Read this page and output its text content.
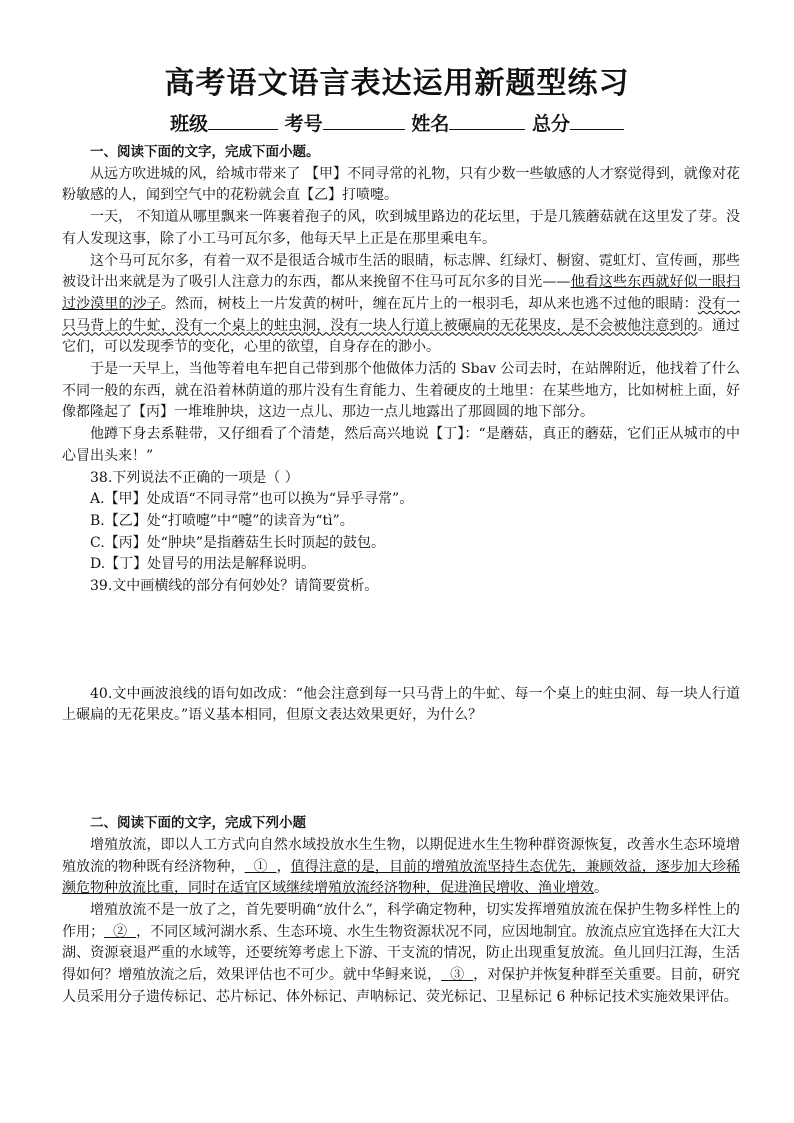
高考语文语言表达运用新题型练习
班级	考号	姓名	总分

一、阅读下面的文字，完成下面小题。

从远方吹进城的风，给城市带来了 【甲】不同寻常的礼物，只有少数一些敏感的人才察觉得到，就像对花粉敏感的人，闻到空气中的花粉就会直【乙】打喷嚏。

一天， 不知道从哪里飘来一阵裹着孢子的风，吹到城里路边的花坛里，于是几簇蘑菇就在这里发了芽。没有人发现这事，除了小工马可瓦尔多，他每天早上正是在那里乘电车。

这个马可瓦尔多，有着一双不是很适合城市生活的眼睛，标志牌、红绿灯、橱窗、霓虹灯、宣传画，那些被设计出来就是为了吸引人注意力的东西，都从来挽留不住马可瓦尔多的目光——他看这些东西就好似一眼扫过沙漠里的沙子。然而，树枝上一片发黄的树叶，缠在瓦片上的一根羽毛，却从来也逃不过他的眼睛：没有一只马背上的牛虻，没有一个桌上的蛀虫洞，没有一块人行道上被碾扁的无花果皮，是不会被他注意到的。通过它们，可以发现季节的变化，心里的欲望，自身存在的渺小。

于是一天早上，当他等着电车把自己带到那个他做体力活的 Sbav 公司去时，在站牌附近，他找着了什么不同一般的东西，就在沿着林荫道的那片没有生育能力、生着硬皮的土地里：在某些地方，比如树桩上面，好像都隆起了【丙】一堆堆肿块，这边一点儿、那边一点儿地露出了那圆圆的地下部分。

他蹲下身去系鞋带，又仔细看了个清楚，然后高兴地说【丁】：“是蘑菇，真正的蘑菇，它们正从城市的中心冒出头来！”

38.下列说法不正确的一项是（ ）

A.【甲】处成语“不同寻常”也可以换为“异乎寻常”。

B.【乙】处“打喷嚏”中“嚏”的读音为“tì”。

C.【丙】处“肿块”是指蘑菇生长时顶起的鼓包。

D.【丁】处冒号的用法是解释说明。

39.文中画横线的部分有何妙处？请简要赏析。

40.文中画波浪线的语句如改成：“他会注意到每一只马背上的牛虻、每一个桌上的蛀虫洞、每一块人行道上碾扁的无花果皮。”语义基本相同，但原文表达效果更好，为什么？

二、阅读下面的文字，完成下列小题

增殖放流，即以人工方式向自然水域投放水生生物，以期促进水生生物种群资源恢复，改善水生态环境增殖放流的物种既有经济物种，  ①  ，值得注意的是，目前的增殖放流坚持生态优先，兼顾效益，逐步加大珍稀濒危物种放流比重，同时在适宜区域继续增殖放流经济物种，促进渔民增收、渔业增效。

增殖放流不是一放了之，首先要明确“放什么”，科学确定物种，切实发挥增殖放流在保护生物多样性上的作用；  ②  ，不同区域河湖水系、生态环境、水生生物资源状况不同，应因地制宜。放流点应宜选择在大江大湖、资源衰退严重的水域等，还要统筹考虑上下游、干支流的情况，防止出现重复放流。鱼儿回归江海，生活得如何？增殖放流之后，效果评估也不可少。就中华鲟来说，  ③  ，对保护并恢复种群至关重要。目前，研究人员采用分子遗传标记、芯片标记、体外标记、声呐标记、荧光标记、卫星标记 6 种标记技术实施效果评估。
